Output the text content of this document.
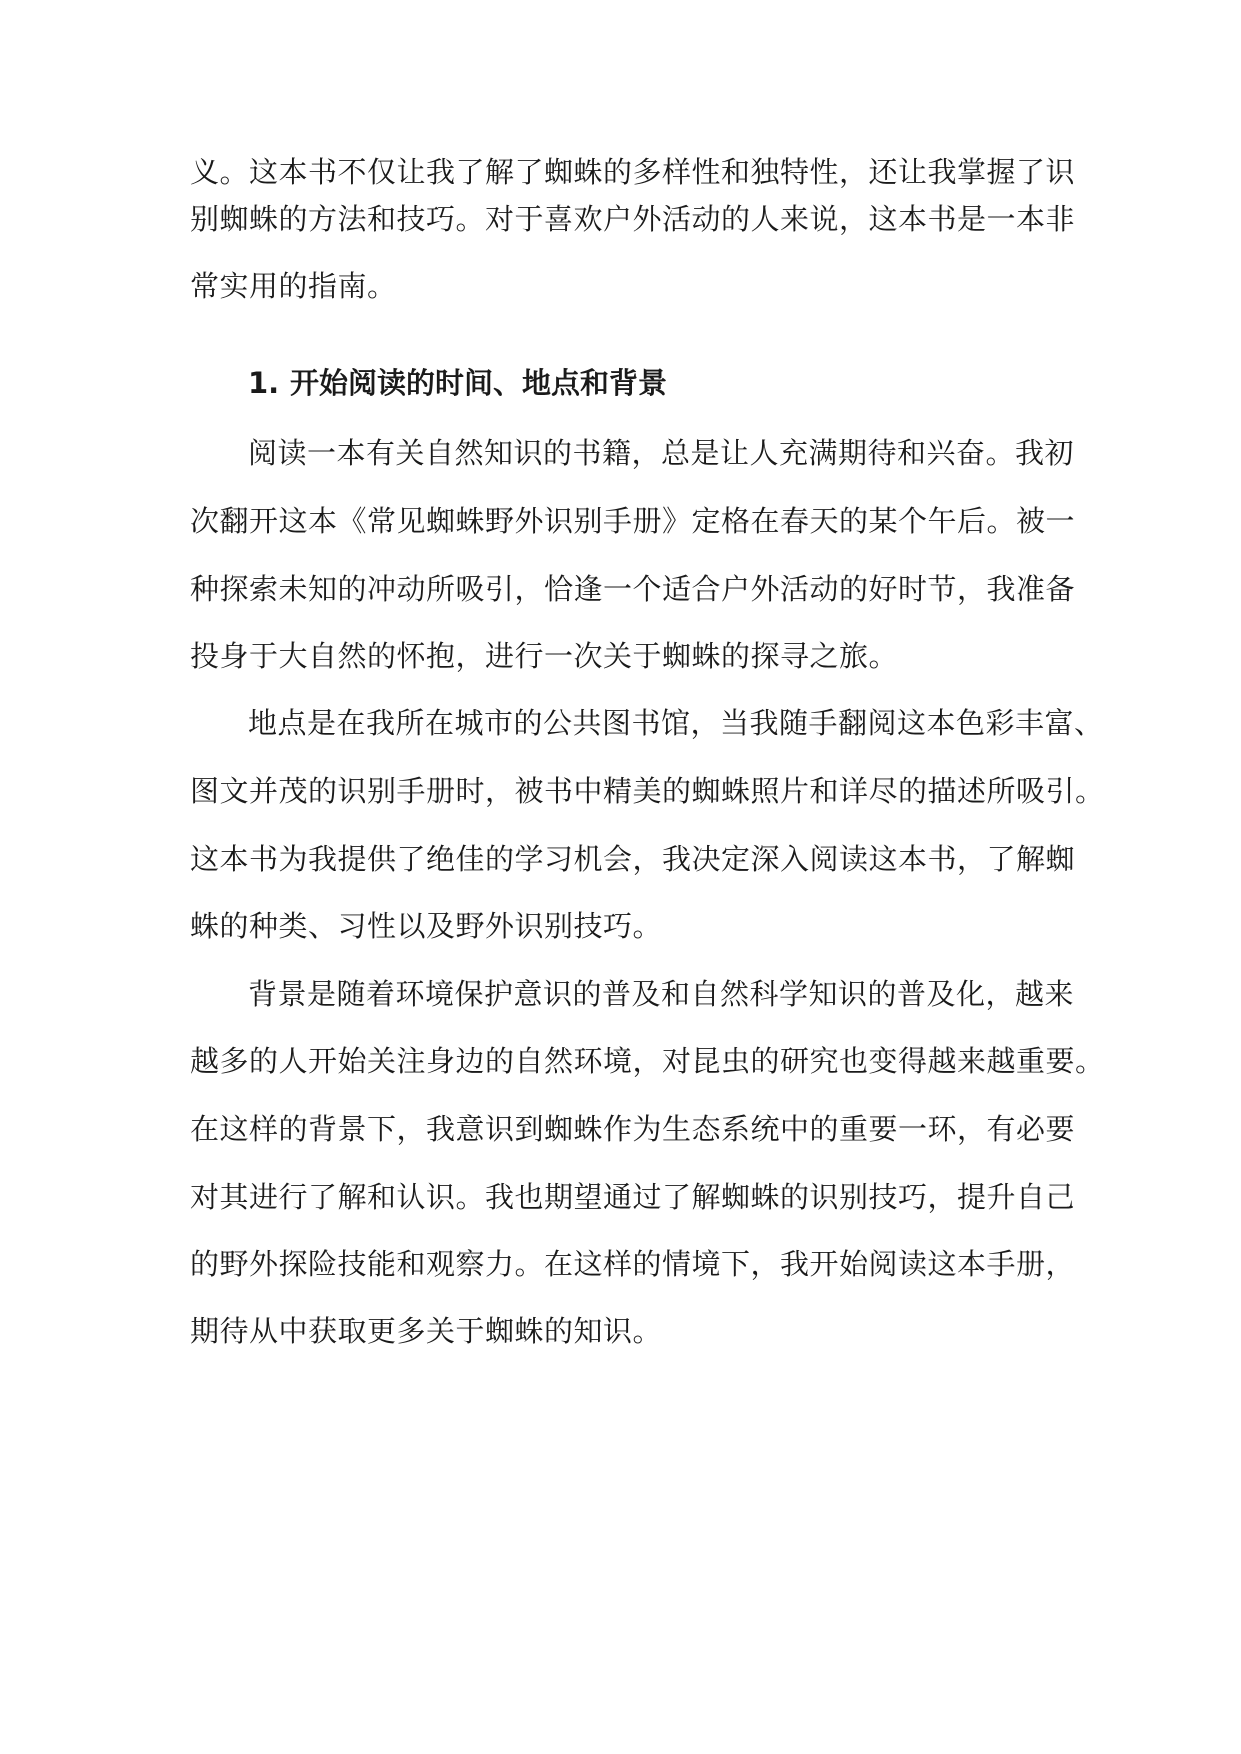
义。这本书不仅让我了解了蜘蛛的多样性和独特性，还让我掌握了识
别蜘蛛的方法和技巧。对于喜欢户外活动的人来说，这本书是一本非
常实用的指南。
1. 开始阅读的时间、地点和背景
阅读一本有关自然知识的书籍，总是让人充满期待和兴奋。我初
次翻开这本《常见蜘蛛野外识别手册》定格在春天的某个午后。被一
种探索未知的冲动所吸引，恰逢一个适合户外活动的好时节，我准备
投身于大自然的怀抱，进行一次关于蜘蛛的探寻之旅。
地点是在我所在城市的公共图书馆，当我随手翻阅这本色彩丰富、
图文并茂的识别手册时，被书中精美的蜘蛛照片和详尽的描述所吸引。
这本书为我提供了绝佳的学习机会，我决定深入阅读这本书，了解蜘
蛛的种类、习性以及野外识别技巧。
背景是随着环境保护意识的普及和自然科学知识的普及化，越来
越多的人开始关注身边的自然环境，对昆虫的研究也变得越来越重要。
在这样的背景下，我意识到蜘蛛作为生态系统中的重要一环，有必要
对其进行了解和认识。我也期望通过了解蜘蛛的识别技巧，提升自己
的野外探险技能和观察力。在这样的情境下，我开始阅读这本手册，
期待从中获取更多关于蜘蛛的知识。
